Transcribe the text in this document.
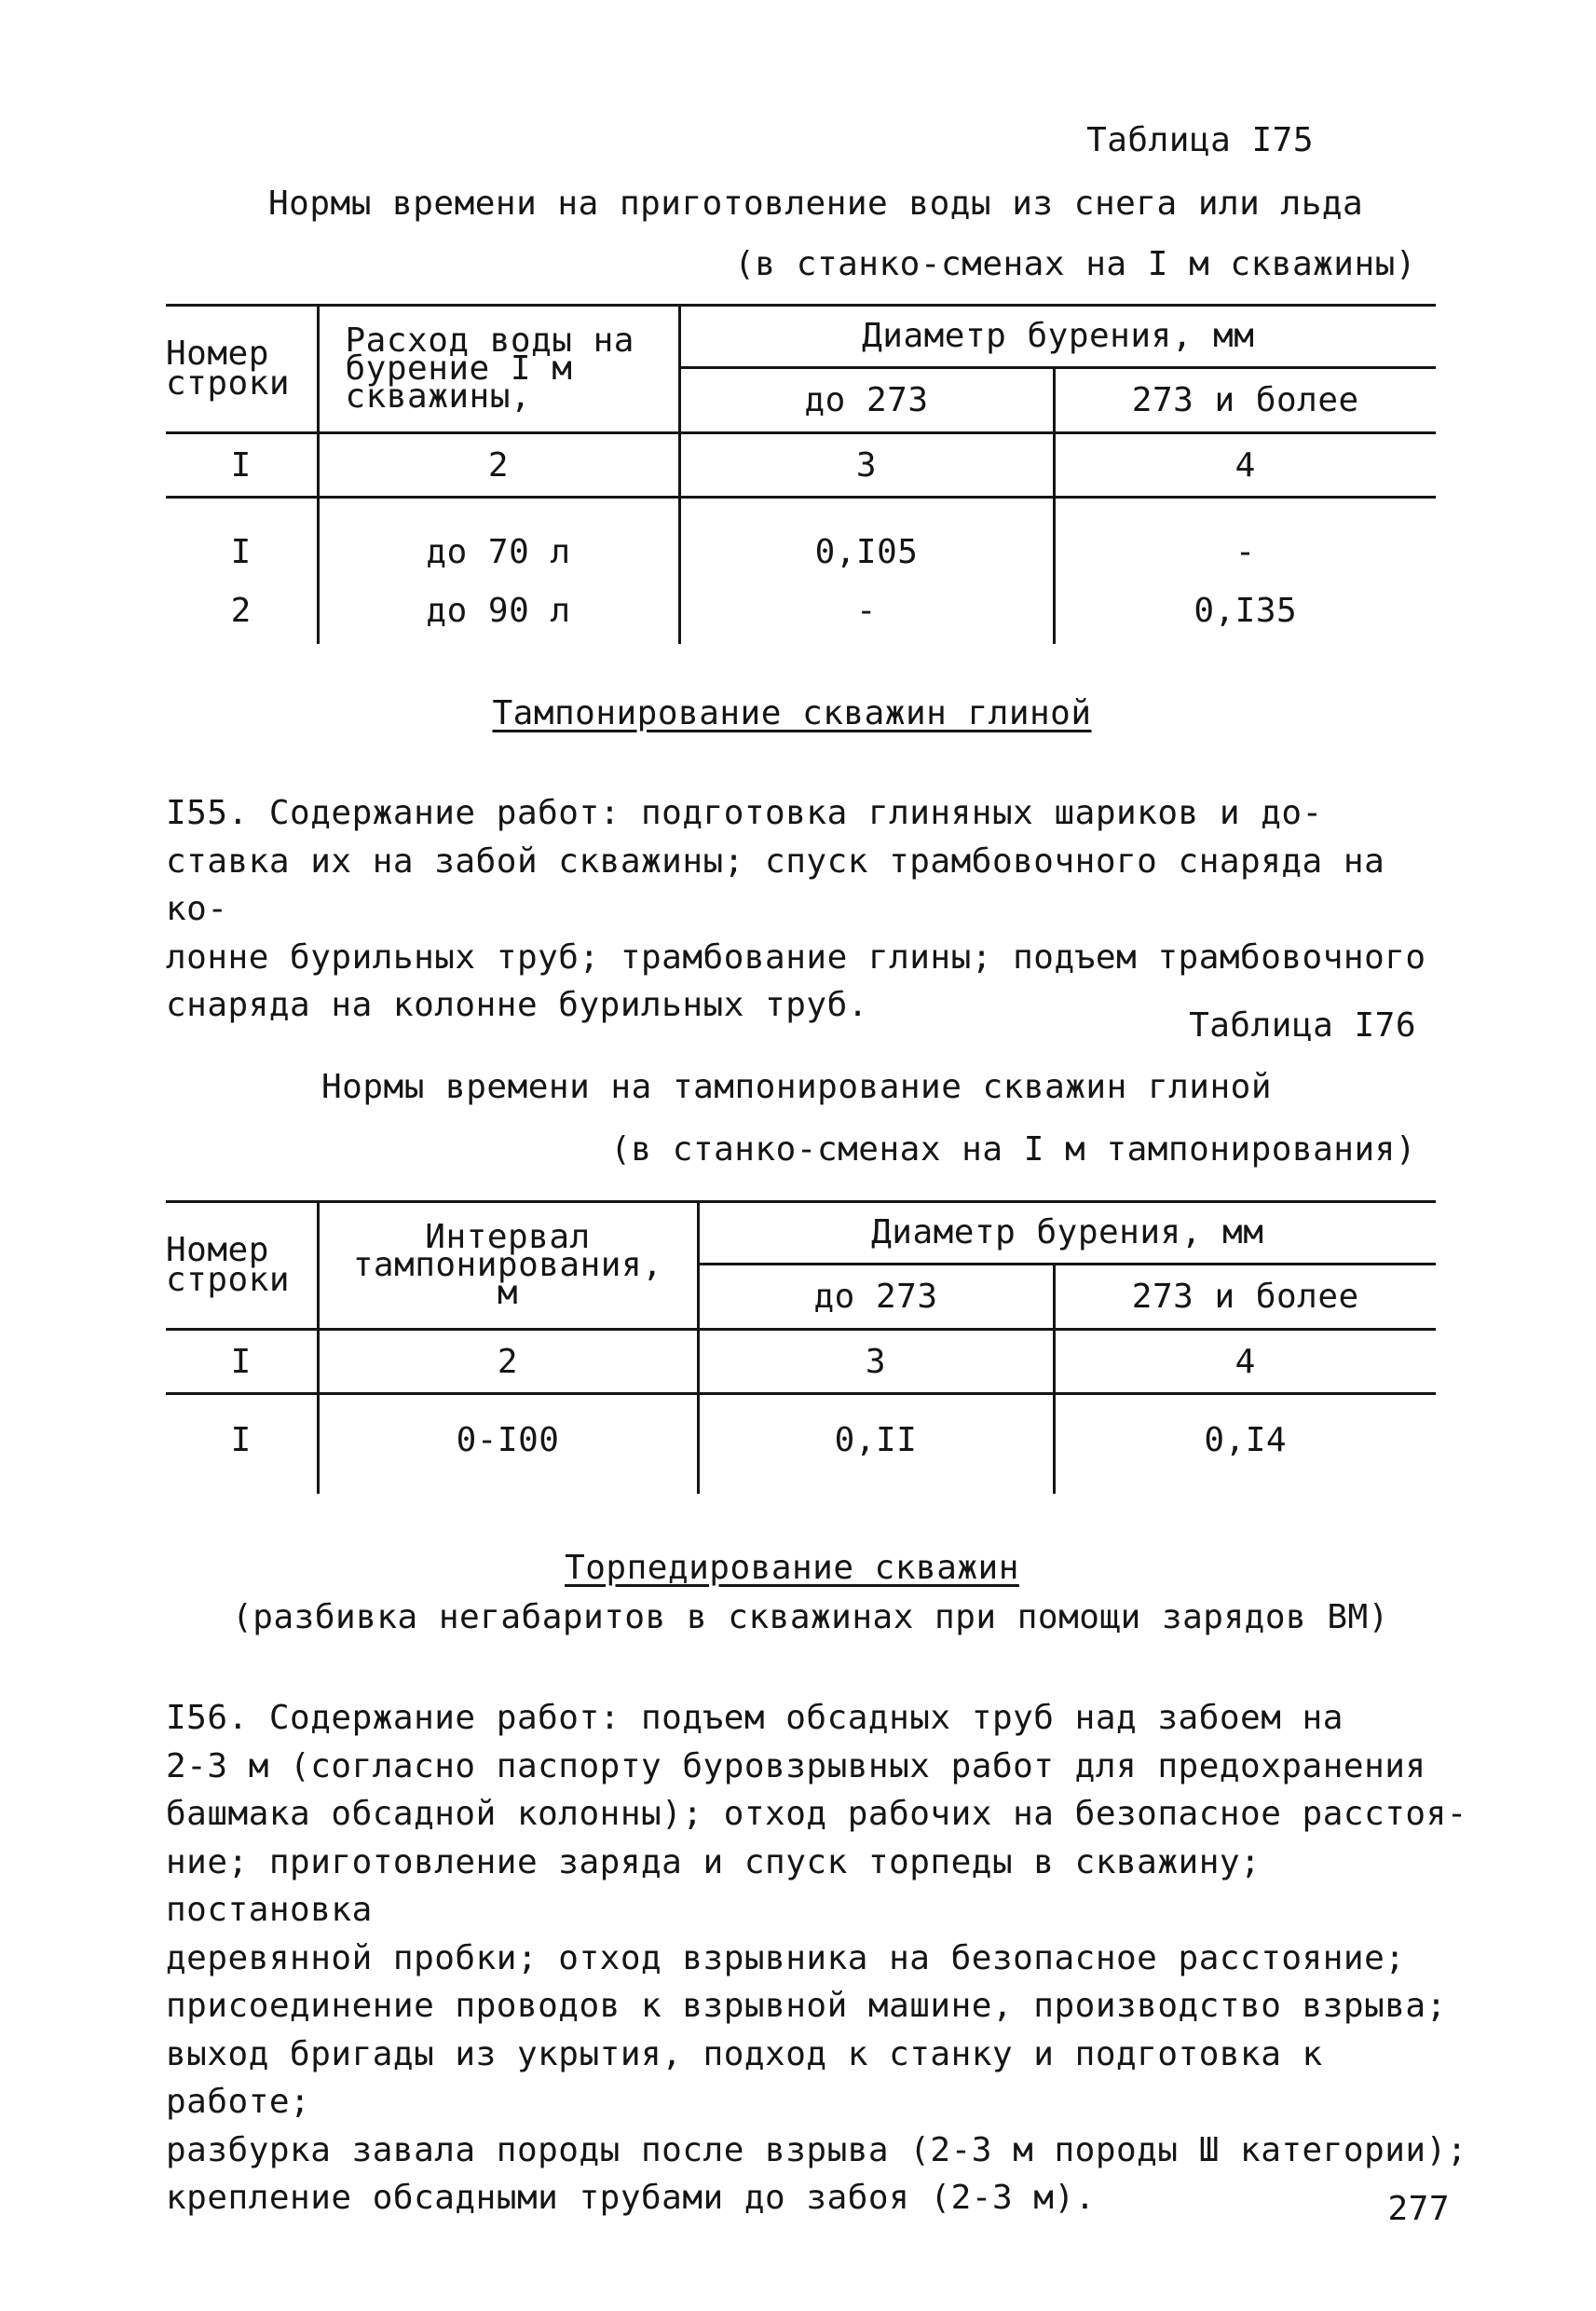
Таблица I75
Нормы времени на приготовление воды из снега или льда
(в станко-сменах на I м скважины)
Номер
строки	Расход воды на
бурение I м
скважины,	Диаметр бурения, мм	
		до 273	273 и более
I	2	3	4
I	до 70 л	0,I05	-
2	до 90 л	-	0,I35
Тампонирование скважин глиной
I55. Содержание работ: подготовка глиняных шариков и до-
ставка их на забой скважины; спуск трамбовочного снаряда на ко-
лонне бурильных труб; трамбование глины; подъем трамбовочного
снаряда на колонне бурильных труб.
Таблица I76
Нормы времени на тампонирование скважин глиной
(в станко-сменах на I м тампонирования)
Номер
строки	Интервал
тампонирования,
м	Диаметр бурения, мм	
		до 273	273 и более
I	2	3	4
I	0-I00	0,II	0,I4
Торпедирование скважин
(разбивка негабаритов в скважинах при помощи зарядов ВМ)
I56. Содержание работ: подъем обсадных труб над забоем на
2-3 м (согласно паспорту буровзрывных работ для предохранения
башмака обсадной колонны); отход рабочих на безопасное расстоя-
ние; приготовление заряда и спуск торпеды в скважину; постановка
деревянной пробки; отход взрывника на безопасное расстояние;
присоединение проводов к взрывной машине, производство взрыва;
выход бригады из укрытия, подход к станку и подготовка к работе;
разбурка завала породы после взрыва (2-3 м породы Ш категории);
крепление обсадными трубами до забоя (2-3 м).	277
